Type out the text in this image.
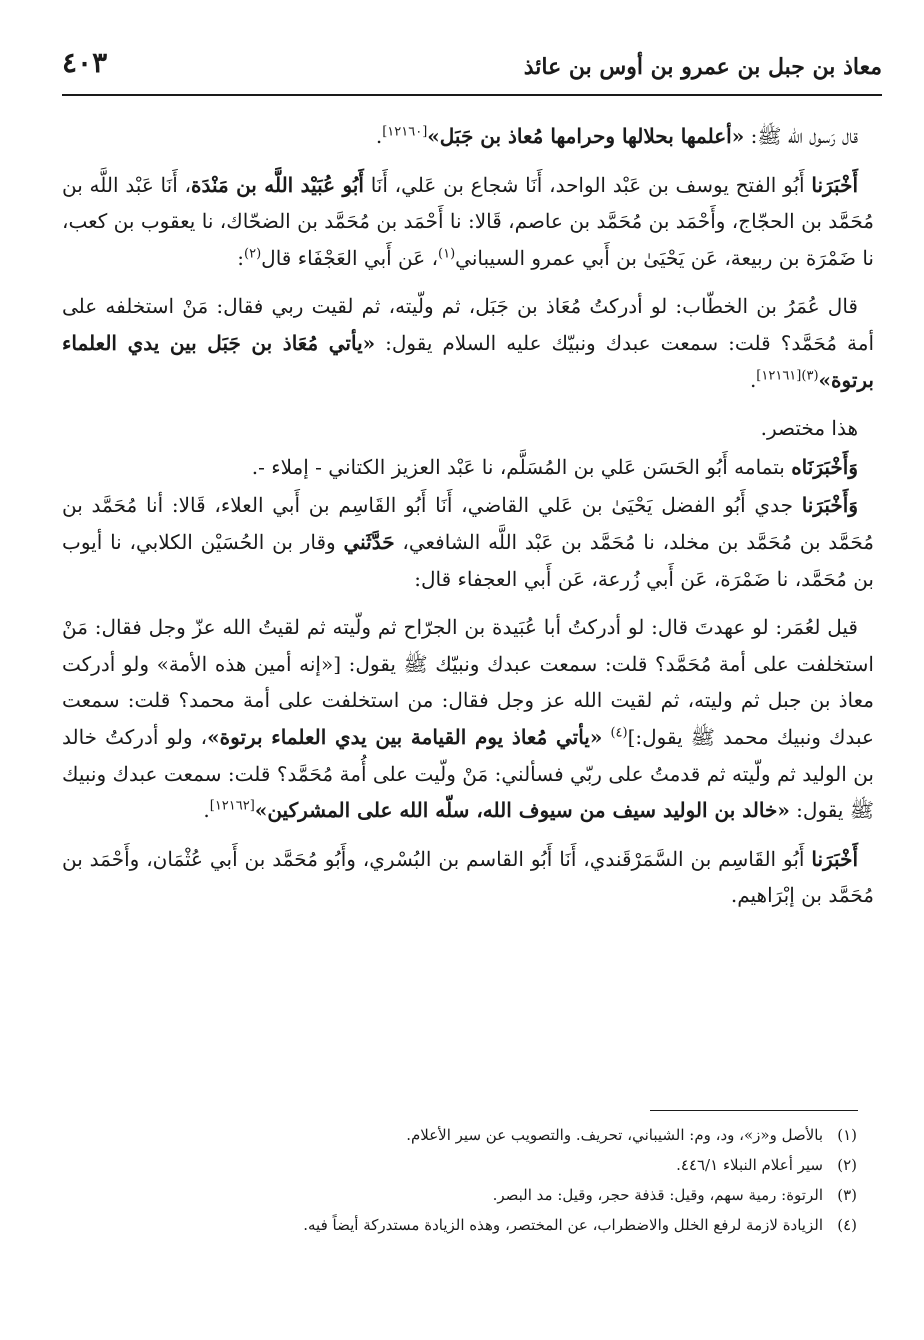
معاذ بن جبل بن عمرو بن أوس بن عائذ
٤٠٣

قال رَسول الله ﷺ: «أعلمها بحلالها وحرامها مُعاذ بن جَبَل»[١٢١٦٠].

أَخْبَرَنا أَبُو الفتح يوسف بن عَبْد الواحد، أَنَا شجاع بن عَلي، أَنَا أَبُو عُبَيْد اللَّه بن مَنْدَة، أَنَا عَبْد اللَّه بن مُحَمَّد بن الحجّاج، وأَحْمَد بن مُحَمَّد بن عاصم، قَالا: نا أَحْمَد بن مُحَمَّد بن الضحّاك، نا يعقوب بن كعب، نا ضَمْرَة بن ربيعة، عَن يَحْيَىٰ بن أَبي عمرو السيباني$^{(١)}$، عَن أَبي العَجْفَاء قال$^{(٢)}$:

قال عُمَرُ بن الخطّاب: لو أدركتُ مُعَاذ بن جَبَل، ثم ولّيته، ثم لقيت ربي فقال: مَنْ استخلفه على أمة مُحَمَّد؟ قلت: سمعت عبدك ونبيّك عليه السلام يقول: «يأتي مُعَاذ بن جَبَل بين يدي العلماء برتوة»$^{(٣)[١٢١٦١]}$.

هذا مختصر.

وَأَخْبَرَنَاه بتمامه أَبُو الحَسَن عَلي بن المُسَلَّم، نا عَبْد العزيز الكتاني - إملاء -.

وَأَخْبَرَنا جدي أَبُو الفضل يَحْيَىٰ بن عَلي القاضي، أَنَا أَبُو القَاسِم بن أَبي العلاء، قَالا: أنا مُحَمَّد بن مُحَمَّد بن مُحَمَّد بن مخلد، نا مُحَمَّد بن عَبْد اللَّه الشافعي، حَدَّثَني وقار بن الحُسَيْن الكلابي، نا أيوب بن مُحَمَّد، نا ضَمْرَة، عَن أَبي زُرعة، عَن أَبي العجفاء قال:

قيل لعُمَر: لو عهدتَ قال: لو أدركتُ أبا عُبَيدة بن الجرّاح ثم ولّيته ثم لقيتُ الله عزّ وجل فقال: مَنْ استخلفت على أمة مُحَمَّد؟ قلت: سمعت عبدك ونبيّك ﷺ يقول: [«إنه أمين هذه الأمة» ولو أدركت معاذ بن جبل ثم وليته، ثم لقيت الله عز وجل فقال: من استخلفت على أمة محمد؟ قلت: سمعت عبدك ونبيك محمد ﷺ يقول:]$^{(٤)}$ «يأتي مُعاذ يوم القيامة بين يدي العلماء برتوة»، ولو أدركتُ خالد بن الوليد ثم ولّيته ثم قدمتُ على ربّي فسألني: مَنْ ولّيت على أُمة مُحَمَّد؟ قلت: سمعت عبدك ونبيك ﷺ يقول: «خالد بن الوليد سيف من سيوف الله، سلّه الله على المشركين»[١٢١٦٢].

أَخْبَرَنا أَبُو القَاسِم بن السَّمَرْقَندي، أَنَا أَبُو القاسم بن البُسْري، وأَبُو مُحَمَّد بن أَبي عُثْمَان، وأَحْمَد بن مُحَمَّد بن إبْرَاهيم.

(١)بالأصل و«ز»، ود، وم: الشيباني، تحريف. والتصويب عن سير الأعلام.
(٢)سير أعلام النبلاء ٤٤٦/١.
(٣)الرتوة: رمية سهم، وقيل: قذفة حجر، وقيل: مد البصر.
(٤)الزيادة لازمة لرفع الخلل والاضطراب، عن المختصر، وهذه الزيادة مستدركة أيضاً فيه.
